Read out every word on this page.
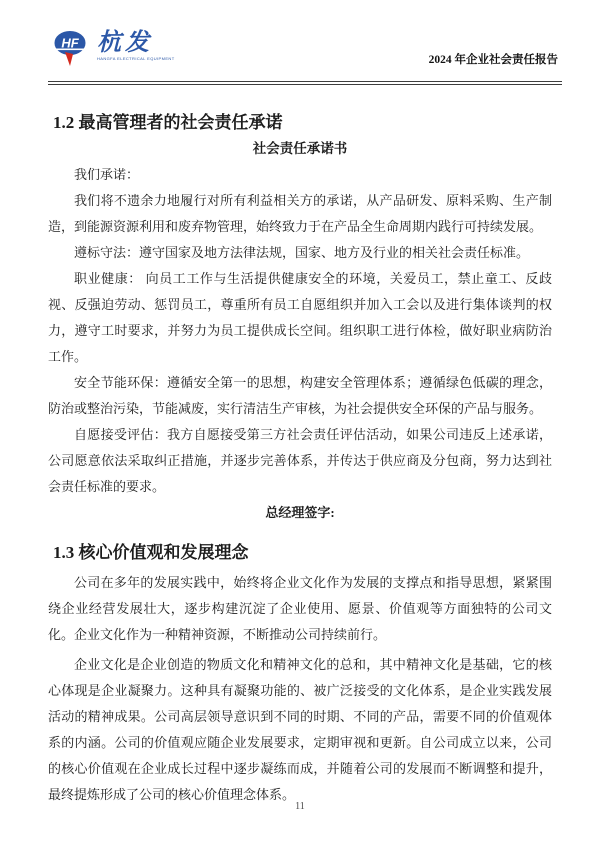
HF 杭发
HANGFA ELECTRICAL EQUIPMENT	2024 年企业社会责任报告
1.2 最高管理者的社会责任承诺
社会责任承诺书

我们承诺：

我们将不遗余力地履行对所有利益相关方的承诺，从产品研发、原料采购、生产制造，到能源资源利用和废弃物管理，始终致力于在产品全生命周期内践行可持续发展。

遵标守法：遵守国家及地方法律法规，国家、地方及行业的相关社会责任标准。

职业健康： 向员工工作与生活提供健康安全的环境，关爱员工，禁止童工、反歧视、反强迫劳动、惩罚员工，尊重所有员工自愿组织并加入工会以及进行集体谈判的权力，遵守工时要求，并努力为员工提供成长空间。组织职工进行体检，做好职业病防治工作。

安全节能环保：遵循安全第一的思想，构建安全管理体系；遵循绿色低碳的理念，防治或整治污染，节能减废，实行清洁生产审核，为社会提供安全环保的产品与服务。

自愿接受评估：我方自愿接受第三方社会责任评估活动，如果公司违反上述承诺，公司愿意依法采取纠正措施，并逐步完善体系，并传达于供应商及分包商，努力达到社会责任标准的要求。

总经理签字:
1.3 核心价值观和发展理念

公司在多年的发展实践中，始终将企业文化作为发展的支撑点和指导思想，紧紧围绕企业经营发展壮大，逐步构建沉淀了企业使用、愿景、价值观等方面独特的公司文化。企业文化作为一种精神资源，不断推动公司持续前行。

企业文化是企业创造的物质文化和精神文化的总和，其中精神文化是基础，它的核心体现是企业凝聚力。这种具有凝聚功能的、被广泛接受的文化体系，是企业实践发展活动的精神成果。公司高层领导意识到不同的时期、不同的产品，需要不同的价值观体系的内涵。公司的价值观应随企业发展要求，定期审视和更新。自公司成立以来，公司的核心价值观在企业成长过程中逐步凝练而成，并随着公司的发展而不断调整和提升，最终提炼形成了公司的核心价值理念体系。

11
